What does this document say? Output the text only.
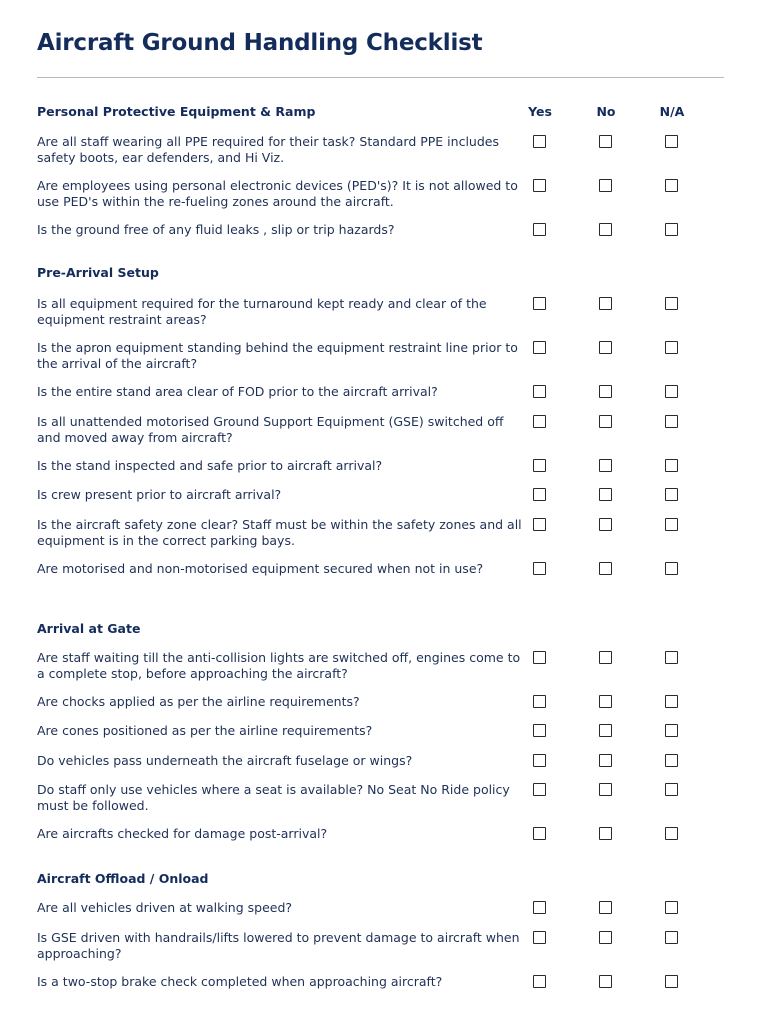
Aircraft Ground Handling Checklist
Personal Protective Equipment & Ramp	Yes	No	N/A
Are all staff wearing all PPE required for their task? Standard PPE includes safety boots, ear defenders, and Hi Viz.
Are employees using personal electronic devices (PED's)? It is not allowed to use PED's within the re-fueling zones around the aircraft.
Is the ground free of any fluid leaks , slip or trip hazards?
Pre-Arrival Setup
Is all equipment required for the turnaround kept ready and clear of the equipment restraint areas?
Is the apron equipment standing behind the equipment restraint line prior to the arrival of the aircraft?
Is the entire stand area clear of FOD prior to the aircraft arrival?
Is all unattended motorised Ground Support Equipment (GSE) switched off and moved away from aircraft?
Is the stand inspected and safe prior to aircraft arrival?
Is crew present prior to aircraft arrival?
Is the aircraft safety zone clear? Staff must be within the safety zones and all equipment is in the correct parking bays.
Are motorised and non-motorised equipment secured when not in use?
Arrival at Gate
Are staff waiting till the anti-collision lights are switched off, engines come to a complete stop, before approaching the aircraft?
Are chocks applied as per the airline requirements?
Are cones positioned as per the airline requirements?
Do vehicles pass underneath the aircraft fuselage or wings?
Do staff only use vehicles where a seat is available? No Seat No Ride policy must be followed.
Are aircrafts checked for damage post-arrival?
Aircraft Offload / Onload
Are all vehicles driven at walking speed?
Is GSE driven with handrails/lifts lowered to prevent damage to aircraft when approaching?
Is a two-stop brake check completed when approaching aircraft?
